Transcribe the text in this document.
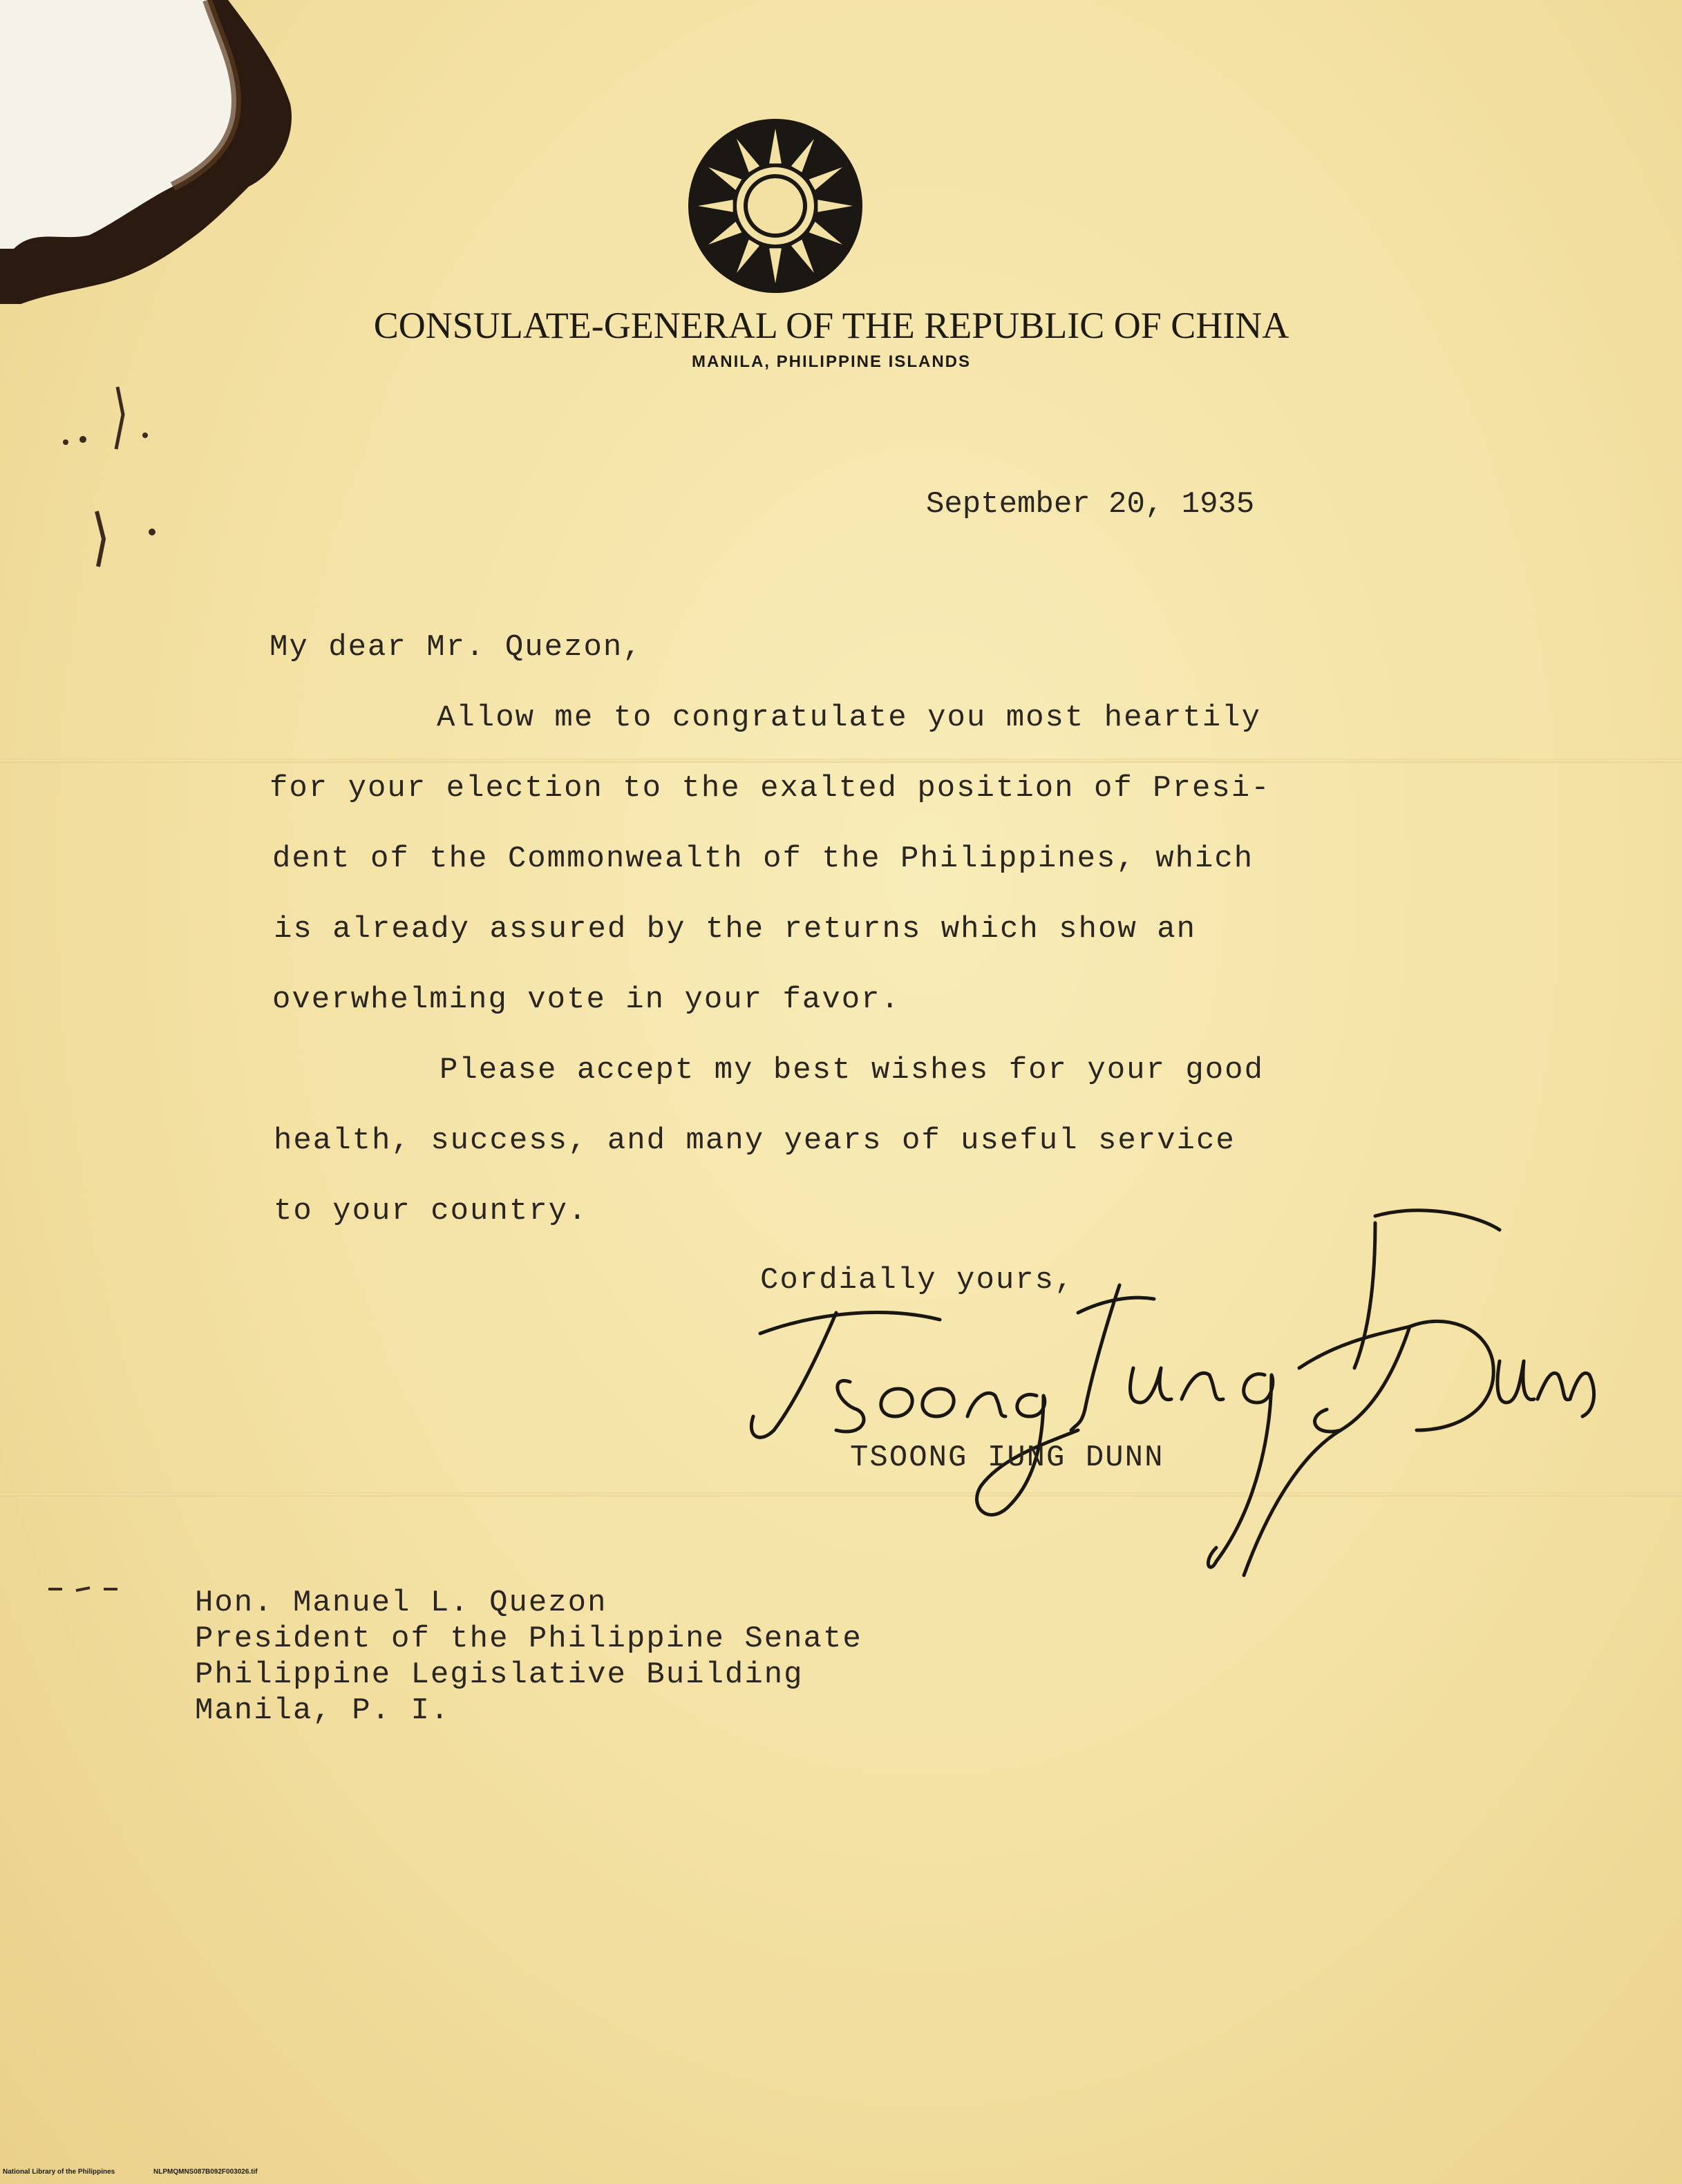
CONSULATE-GENERAL OF THE REPUBLIC OF CHINA
MANILA, PHILIPPINE ISLANDS
September 20, 1935
My dear Mr. Quezon,
Allow me to congratulate you most heartily
for your election to the exalted position of Presi-
dent of the Commonwealth of the Philippines, which
is already assured by the returns which show an
overwhelming vote in your favor.
Please accept my best wishes for your good
health, success, and many years of useful service
to your country.
Cordially yours,
TSOONG IUNG DUNN
Hon. Manuel L. Quezon
President of the Philippine Senate
Philippine Legislative Building
Manila, P. I.
National Library of the Philippines	NLPMQMNS087B092F003026.tif
